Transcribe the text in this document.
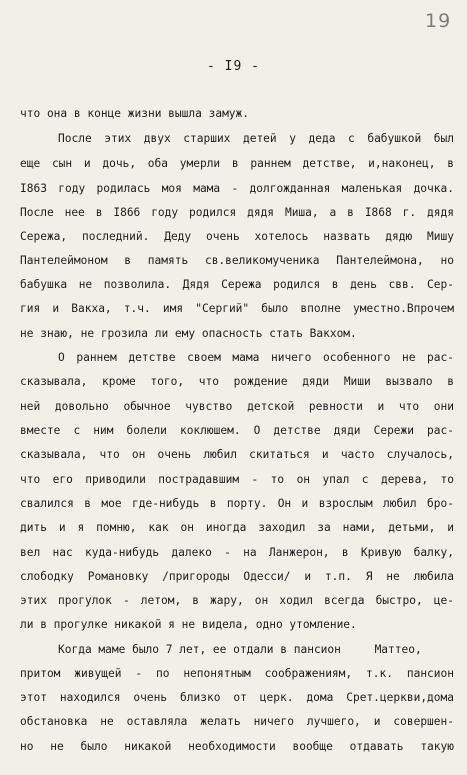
19
- I9 -
что она в конце жизни вышла замуж.
После этих двух старших детей у деда с бабушкой был
еще сын и дочь, оба умерли в раннем детстве, и,наконец, в
I863 году родилась моя мама - долгожданная маленькая дочка.
После нее в I866 году родился дядя Миша, а в I868 г. дядя
Сережа, последний. Деду очень хотелось назвать дядю Мишу
Пантелеймоном в память св.великомученика Пантелеймона, но
бабушка не позволила. Дядя Сережа родился в день свв. Сер-
гия и Вакха, т.ч. имя "Сергий" было вполне уместно.Впрочем
не знаю, не грозила ли ему опасность стать Вакхом.
О раннем детстве своем мама ничего особенного не рас-
сказывала, кроме того, что рождение дяди Миши вызвало в
ней довольно обычное чувство детской ревности и что они
вместе с ним болели коклюшем. О детстве дяди Сережи рас-
сказывала, что он очень любил скитаться и часто случалось,
что его приводили пострадавшим - то он упал с дерева, то
свалился в мое где-нибудь в порту. Он и взрослым любил бро-
дить и я помню, как он иногда заходил за нами, детьми, и
вел нас куда-нибудь далеко - на Ланжерон, в Кривую балку,
слободку Романовку /пригороды Одесси/ и т.п. Я не любила
этих прогулок - летом, в жару, он ходил всегда быстро, це-
ли в прогулке никакой я не видела, одно утомление.
Когда маме было 7 лет, ее отдали в пансион     Маттео,
притом живущей - по непонятным соображениям, т.к. пансион
этот находился очень близко от церк. дома Срет.церкви,дома
обстановка не оставляла желать ничего лучшего, и совершен-
но не было никакой необходимости вообще отдавать такую
